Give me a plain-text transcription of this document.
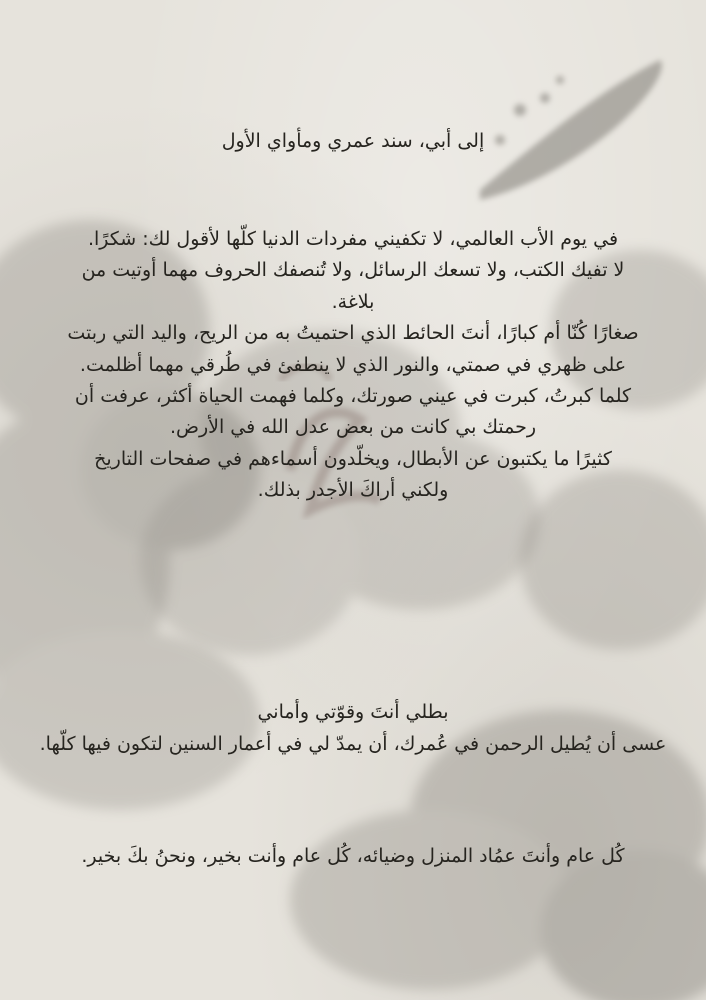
إلى أبي، سند عمري ومأواي الأول
في يوم الأب العالمي، لا تكفيني مفردات الدنيا كلّها لأقول لك: شكرًا.
لا تفيك الكتب، ولا تسعك الرسائل، ولا تُنصفك الحروف مهما أوتيت من
بلاغة.
صغارًا كُنّا أم كبارًا، أنتَ الحائط الذي احتميتُ به من الريح، واليد التي ربتت
على ظهري في صمتي، والنور الذي لا ينطفئ في طُرقي مهما أظلمت.
كلما كبرتُ، كبرت في عيني صورتك، وكلما فهمت الحياة أكثر، عرفت أن
رحمتك بي كانت من بعض عدل الله في الأرض.
كثيرًا ما يكتبون عن الأبطال، ويخلّدون أسماءهم في صفحات التاريخ
ولكني أراكَ الأجدر بذلك.
بطلي أنتَ وقوّتي وأماني
عسى أن يُطيل الرحمن في عُمرك، أن يمدّ لي في أعمار السنين لتكون فيها كلّها.
كُل عام وأنتَ عمُاد المنزل وضيائه، كُل عام وأنت بخير، ونحنُ بكَ بخير.
